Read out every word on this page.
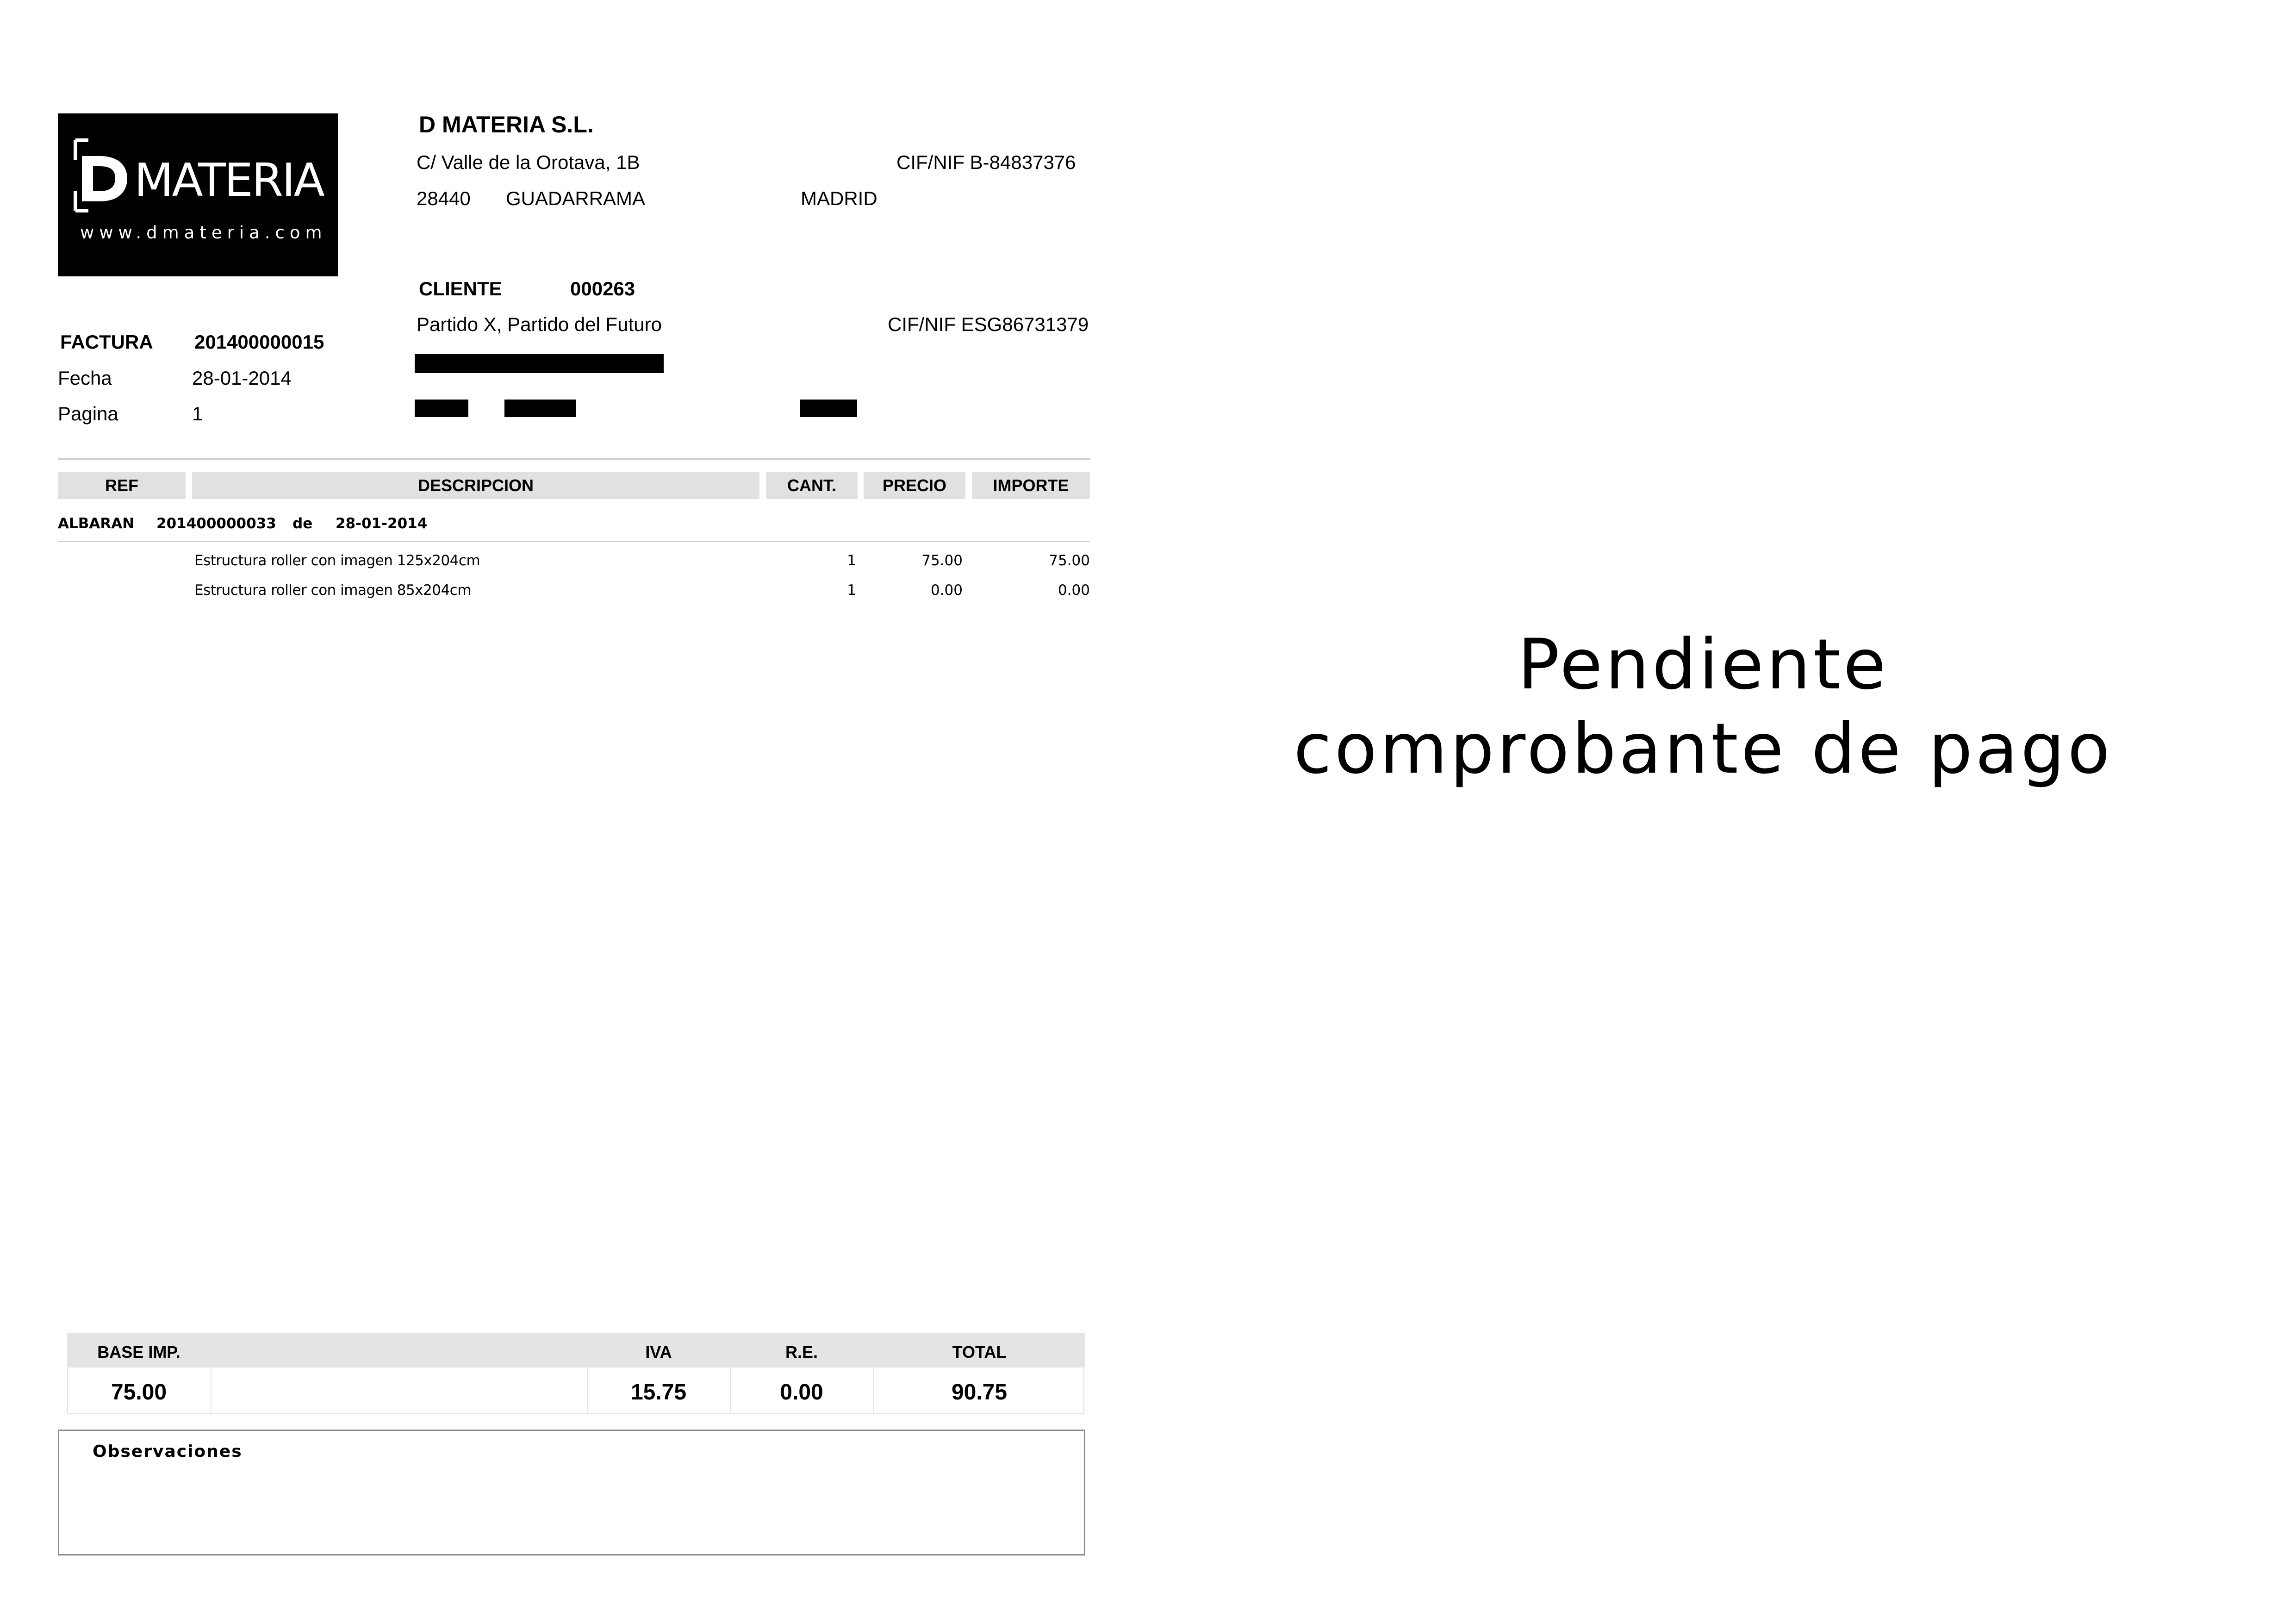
MATERIA
www.dmateria.com
D MATERIA S.L.
C/ Valle de la Orotava, 1B	CIF/NIF B-84837376
28440 GUADARRAMA	MADRID
CLIENTE	000263
Partido X, Partido del Futuro	CIF/NIF ESG86731379
FACTURA 201400000015
Fecha	28-01-2014
Pagina	1
REF	DESCRIPCION	CANT.	PRECIO	IMPORTE
ALBARAN 201400000033 de 28-01-2014
Estructura roller con imagen 125x204cm	1	75.00	75.00
Estructura roller con imagen 85x204cm	1	0.00	0.00
Pendiente
comprobante de pago
BASE IMP.	IVA	R.E.	TOTAL
75.00	15.75	0.00	90.75
Observaciones
